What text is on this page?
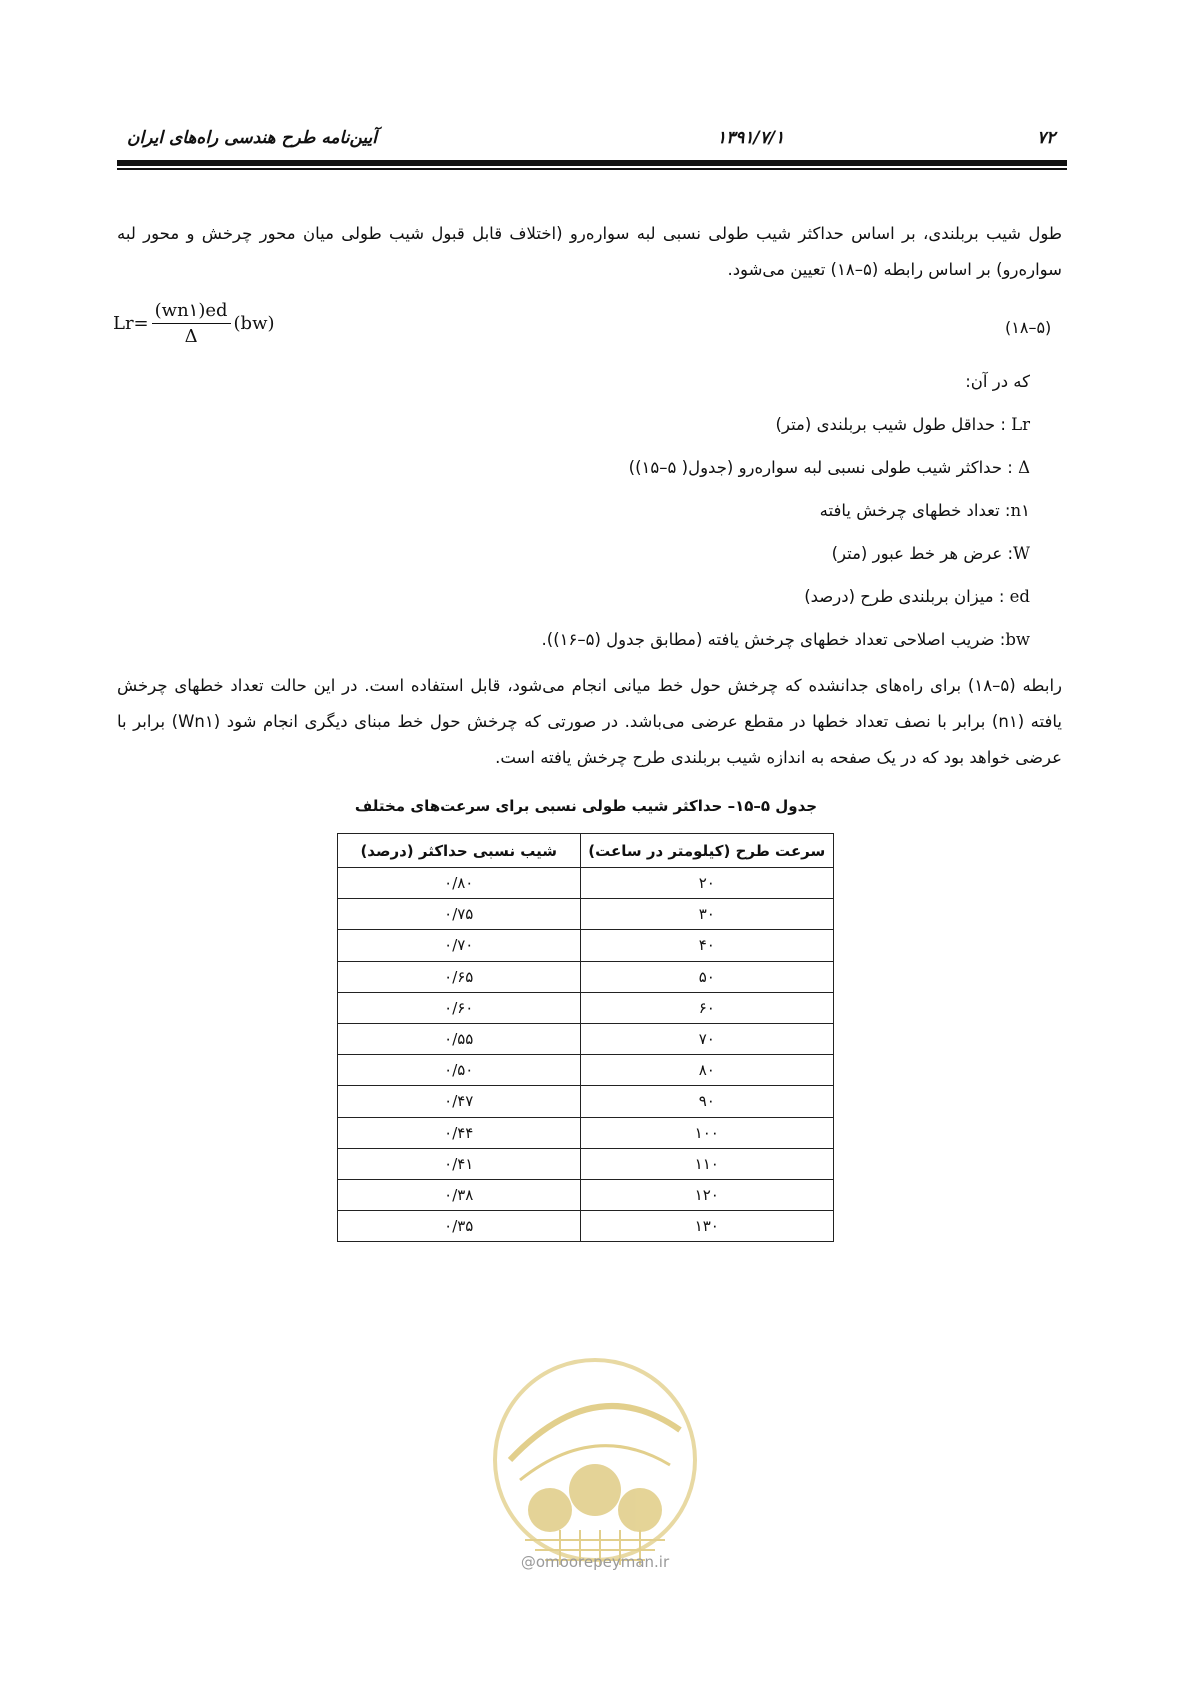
۷۲
۱۳۹۱/۷/۱
آیین‌نامه طرح هندسی راه‌های ایران
طول شیب بربلندی، بر اساس حداکثر شیب طولی نسبی لبه سواره‌رو (اختلاف قابل قبول شیب طولی میان محور چرخش و محور لبه سواره‌رو) بر اساس رابطه (۵–۱۸) تعیین می‌شود.
$Lr= \frac{(wn۱)ed}{\Delta} (bw)$	(۵–۱۸)
که در آن:
Lr : حداقل طول شیب بربلندی (متر)
Δ : حداکثر شیب طولی نسبی لبه سواره‌رو (جدول( ۵–۱۵))
n۱: تعداد خطهای چرخش یافته
W: عرض هر خط عبور (متر)
ed : میزان بربلندی طرح (درصد)
bw: ضریب اصلاحی تعداد خطهای چرخش یافته (مطابق جدول (۵–۱۶)).
رابطه (۵–۱۸) برای راه‌های جدانشده که چرخش حول خط میانی انجام می‌شود، قابل استفاده است. در این حالت تعداد خطهای چرخش یافته (n۱) برابر با نصف تعداد خطها در مقطع عرضی می‌باشد. در صورتی که چرخش حول خط مبنای دیگری انجام شود (Wn۱) برابر با عرضی خواهد بود که در یک صفحه به اندازه شیب بربلندی طرح چرخش یافته است.
جدول ۵–۱۵– حداکثر شیب طولی نسبی برای سرعت‌های مختلف
سرعت طرح (کیلومتر در ساعت)	شیب نسبی حداکثر (درصد)
۲۰	۰/۸۰
۳۰	۰/۷۵
۴۰	۰/۷۰
۵۰	۰/۶۵
۶۰	۰/۶۰
۷۰	۰/۵۵
۸۰	۰/۵۰
۹۰	۰/۴۷
۱۰۰	۰/۴۴
۱۱۰	۰/۴۱
۱۲۰	۰/۳۸
۱۳۰	۰/۳۵
@omoorepeyman.ir
